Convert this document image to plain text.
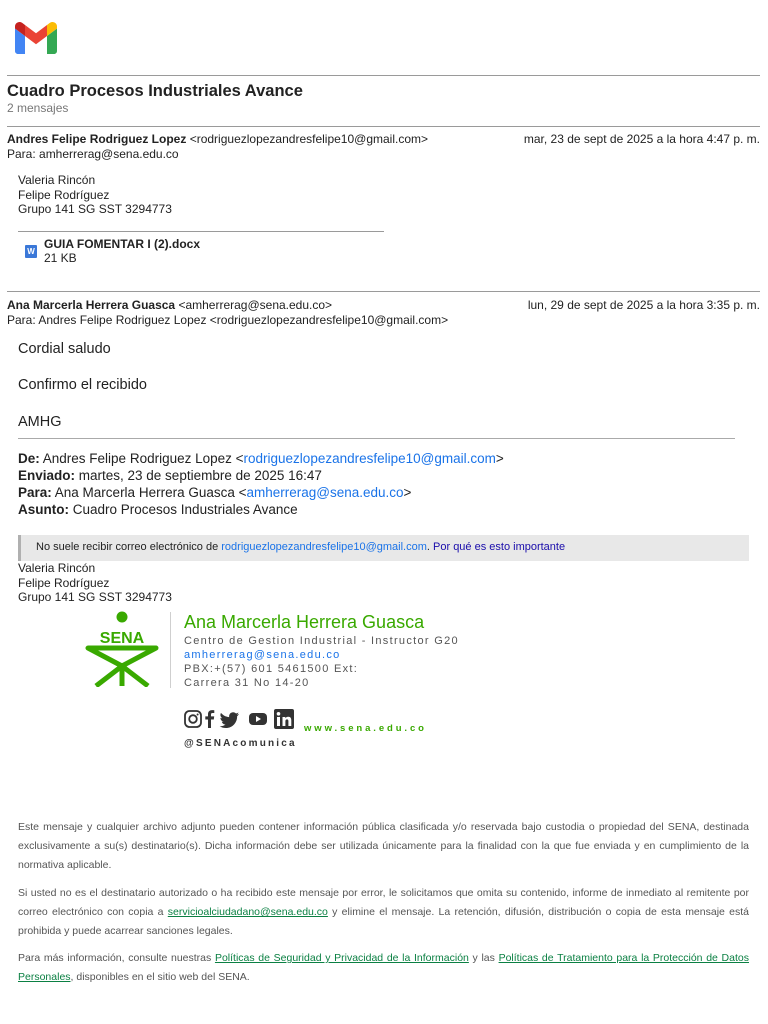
Cuadro Procesos Industriales Avance
2 mensajes
Andres Felipe Rodriguez Lopez <rodriguezlopezandresfelipe10@gmail.com>	mar, 23 de sept de 2025 a la hora 4:47 p. m.
Para: amherrerag@sena.edu.co
Valeria Rincón
Felipe Rodríguez
Grupo 141 SG SST 3294773
W
GUIA FOMENTAR I (2).docx
21 KB
Ana Marcerla Herrera Guasca <amherrerag@sena.edu.co>	lun, 29 de sept de 2025 a la hora 3:35 p. m.
Para: Andres Felipe Rodriguez Lopez <rodriguezlopezandresfelipe10@gmail.com>
Cordial saludo
Confirmo el recibido
AMHG
De: Andres Felipe Rodriguez Lopez <rodriguezlopezandresfelipe10@gmail.com>
Enviado: martes, 23 de septiembre de 2025 16:47
Para: Ana Marcerla Herrera Guasca <amherrerag@sena.edu.co>
Asunto: Cuadro Procesos Industriales Avance
No suele recibir correo electrónico de rodriguezlopezandresfelipe10@gmail.com. Por qué es esto importante
Valeria Rincón
Felipe Rodríguez
Grupo 141 SG SST 3294773
SENA
Ana Marcerla Herrera Guasca
Centro de Gestion Industrial - Instructor G20
amherrerag@sena.edu.co
PBX:+(57) 601 5461500 Ext:
Carrera 31 No 14-20
www.sena.edu.co
@SENAcomunica
Este mensaje y cualquier archivo adjunto pueden contener información pública clasificada y/o reservada bajo custodia o propiedad del SENA, destinada exclusivamente a su(s) destinatario(s). Dicha información debe ser utilizada únicamente para la finalidad con la que fue enviada y en cumplimiento de la normativa aplicable.
Si usted no es el destinatario autorizado o ha recibido este mensaje por error, le solicitamos que omita su contenido, informe de inmediato al remitente por correo electrónico con copia a servicioalciudadano@sena.edu.co y elimine el mensaje. La retención, difusión, distribución o copia de esta mensaje está prohibida y puede acarrear sanciones legales.
Para más información, consulte nuestras Políticas de Seguridad y Privacidad de la Información y las Políticas de Tratamiento para la Protección de Datos Personales, disponibles en el sitio web del SENA.
